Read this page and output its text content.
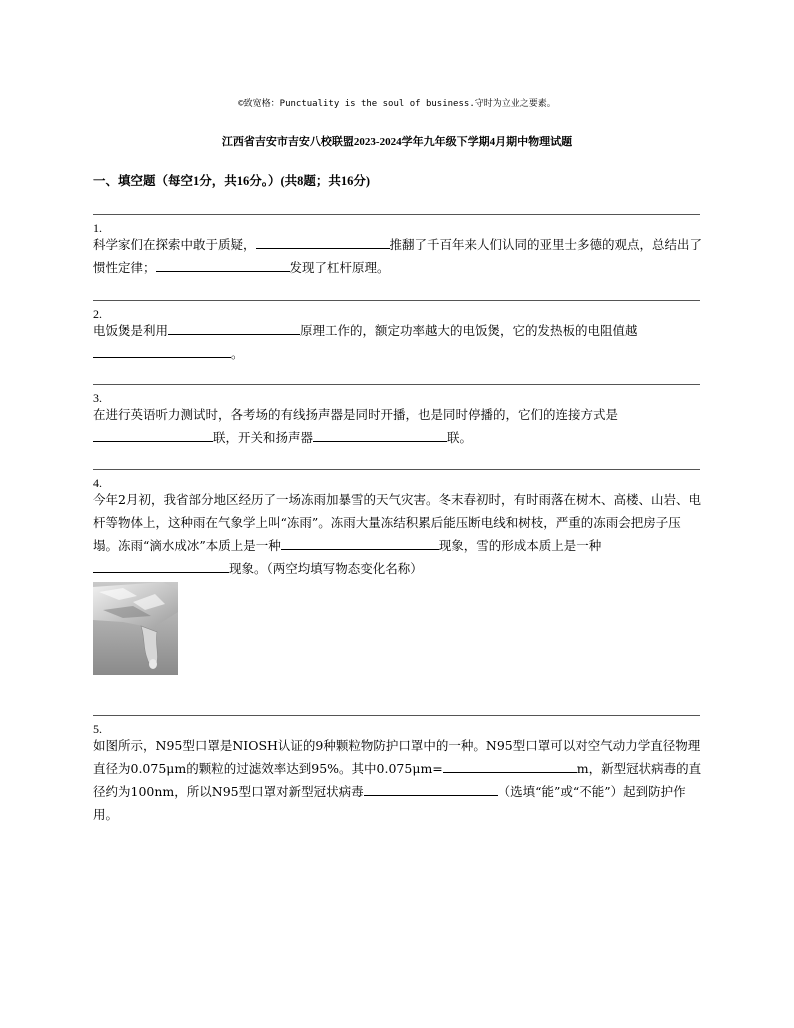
©致宽格：Punctuality is the soul of business.守时为立业之要素。
江西省吉安市吉安八校联盟2023-2024学年九年级下学期4月期中物理试题
一、填空题（每空1分，共16分。）(共8题；共16分)
1.
科学家们在探索中敢于质疑，	推翻了千百年来人们认同的亚里士多德的观点，总结出了惯性定律；	发现了杠杆原理。
2.
电饭煲是利用	原理工作的，额定功率越大的电饭煲，它的发热板的电阻值越。
3.
在进行英语听力测试时，各考场的有线扬声器是同时开播，也是同时停播的，它们的连接方式是联，开关和扬声器	联。
4.
今年2月初，我省部分地区经历了一场冻雨加暴雪的天气灾害。冬末春初时，有时雨落在树木、高楼、山岩、电杆等物体上，这种雨在气象学上叫“冻雨”。冻雨大量冻结积累后能压断电线和树枝，严重的冻雨会把房子压塌。冻雨“滴水成冰”本质上是一种	现象，雪的形成本质上是一种现象。（两空均填写物态变化名称）
5.
如图所示，N95型口罩是NIOSH认证的9种颗粒物防护口罩中的一种。N95型口罩可以对空气动力学直径物理直径为0.075μm的颗粒的过滤效率达到95%。其中0.075μm=	m，新型冠状病毒的直径约为100nm，所以N95型口罩对新型冠状病毒	（选填“能”或“不能”）起到防护作用。
